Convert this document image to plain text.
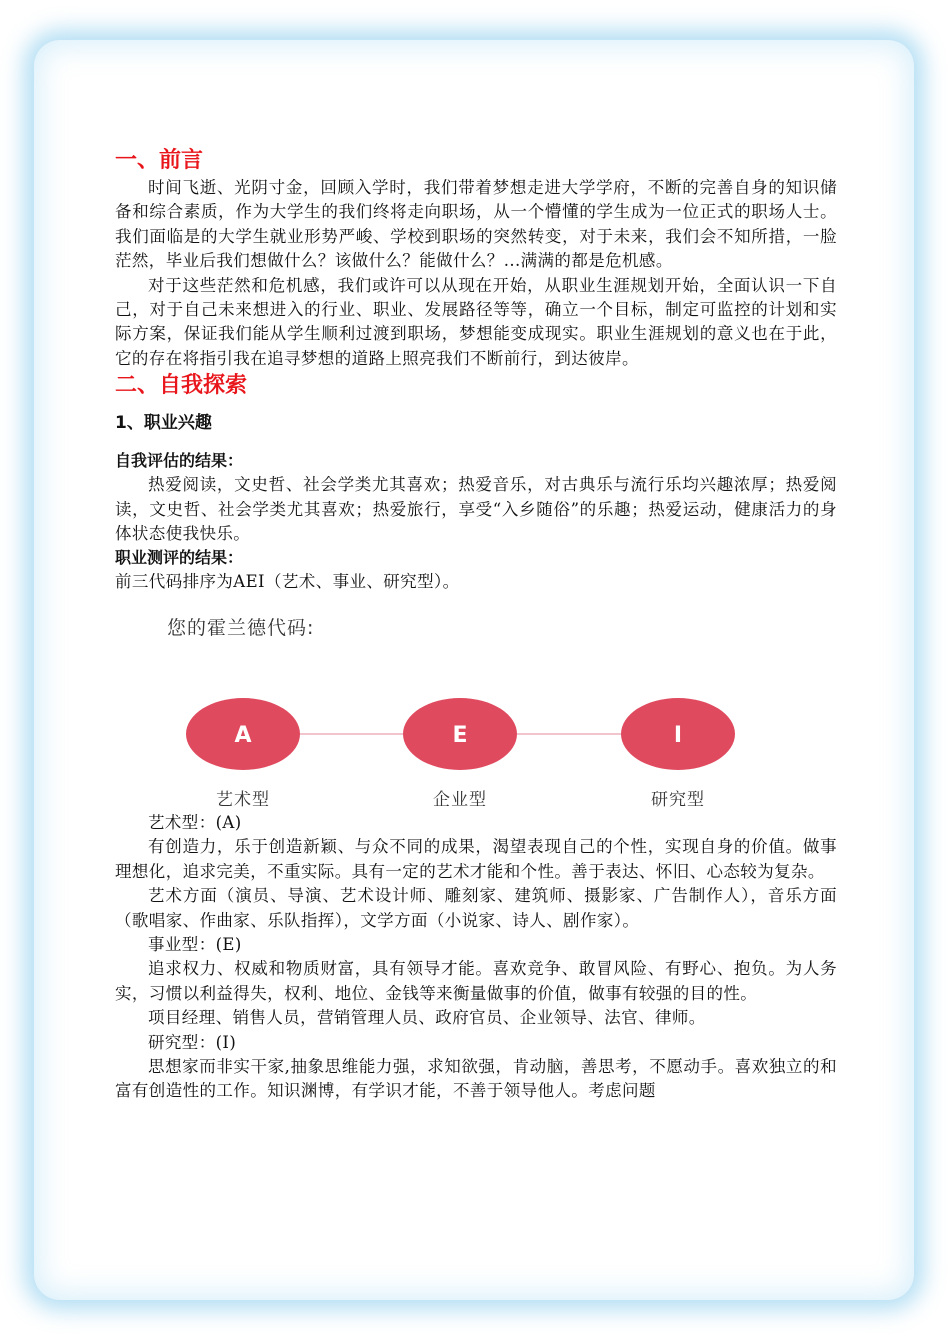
一、前言

时间飞逝、光阴寸金，回顾入学时，我们带着梦想走进大学学府，不断的完善自身的知识储备和综合素质，作为大学生的我们终将走向职场，从一个懵懂的学生成为一位正式的职场人士。我们面临是的大学生就业形势严峻、学校到职场的突然转变，对于未来，我们会不知所措，一脸茫然，毕业后我们想做什么？该做什么？能做什么？...满满的都是危机感。

对于这些茫然和危机感，我们或许可以从现在开始，从职业生涯规划开始，全面认识一下自己，对于自己未来想进入的行业、职业、发展路径等等，确立一个目标，制定可监控的计划和实际方案，保证我们能从学生顺利过渡到职场，梦想能变成现实。职业生涯规划的意义也在于此，它的存在将指引我在追寻梦想的道路上照亮我们不断前行，到达彼岸。

二、自我探索
1、职业兴趣
自我评估的结果：

热爱阅读，文史哲、社会学类尤其喜欢；热爱音乐，对古典乐与流行乐均兴趣浓厚；热爱阅读，文史哲、社会学类尤其喜欢；热爱旅行，享受“入乡随俗”的乐趣；热爱运动，健康活力的身体状态使我快乐。

职业测评的结果：

前三代码排序为AEI（艺术、事业、研究型）。

您的霍兰德代码:
A	E	I
艺术型	企业型	研究型

艺术型：(A)

有创造力，乐于创造新颖、与众不同的成果，渴望表现自己的个性，实现自身的价值。做事理想化，追求完美，不重实际。具有一定的艺术才能和个性。善于表达、怀旧、心态较为复杂。

艺术方面（演员、导演、艺术设计师、雕刻家、建筑师、摄影家、广告制作人），音乐方面（歌唱家、作曲家、乐队指挥），文学方面（小说家、诗人、剧作家）。

事业型：(E)

追求权力、权威和物质财富，具有领导才能。喜欢竞争、敢冒风险、有野心、抱负。为人务实，习惯以利益得失，权利、地位、金钱等来衡量做事的价值，做事有较强的目的性。

项目经理、销售人员，营销管理人员、政府官员、企业领导、法官、律师。

研究型：(I)

思想家而非实干家,抽象思维能力强，求知欲强，肯动脑，善思考，不愿动手。喜欢独立的和富有创造性的工作。知识渊博，有学识才能，不善于领导他人。考虑问题
